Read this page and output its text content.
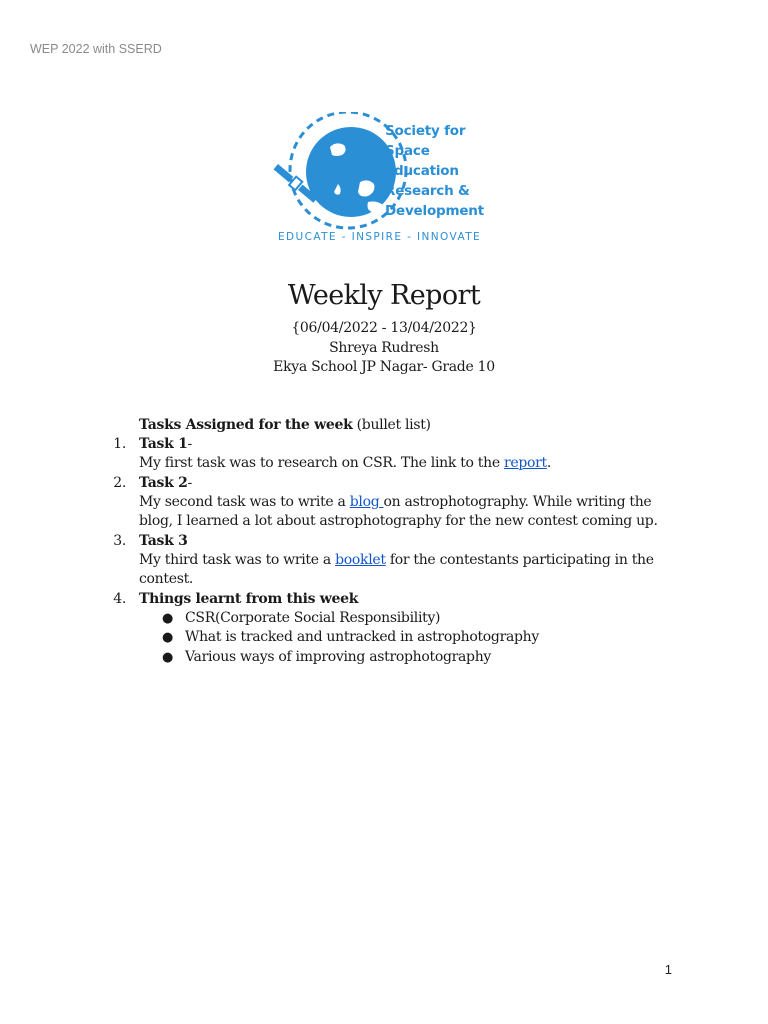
WEP 2022 with SSERD
Society for
Space
Education
Research &
Development
EDUCATE - INSPIRE - INNOVATE
Weekly Report
{06/04/2022 - 13/04/2022}
Shreya Rudresh
Ekya School JP Nagar- Grade 10
Tasks Assigned for the week (bullet list)
1. Task 1-
My first task was to research on CSR. The link to the report.
2. Task 2-
My second task was to write a blog on astrophotography. While writing the
blog, I learned a lot about astrophotography for the new contest coming up.
3. Task 3
My third task was to write a booklet for the contestants participating in the
contest.
4. Things learnt from this week
● CSR(Corporate Social Responsibility)
● What is tracked and untracked in astrophotography
● Various ways of improving astrophotography
1
